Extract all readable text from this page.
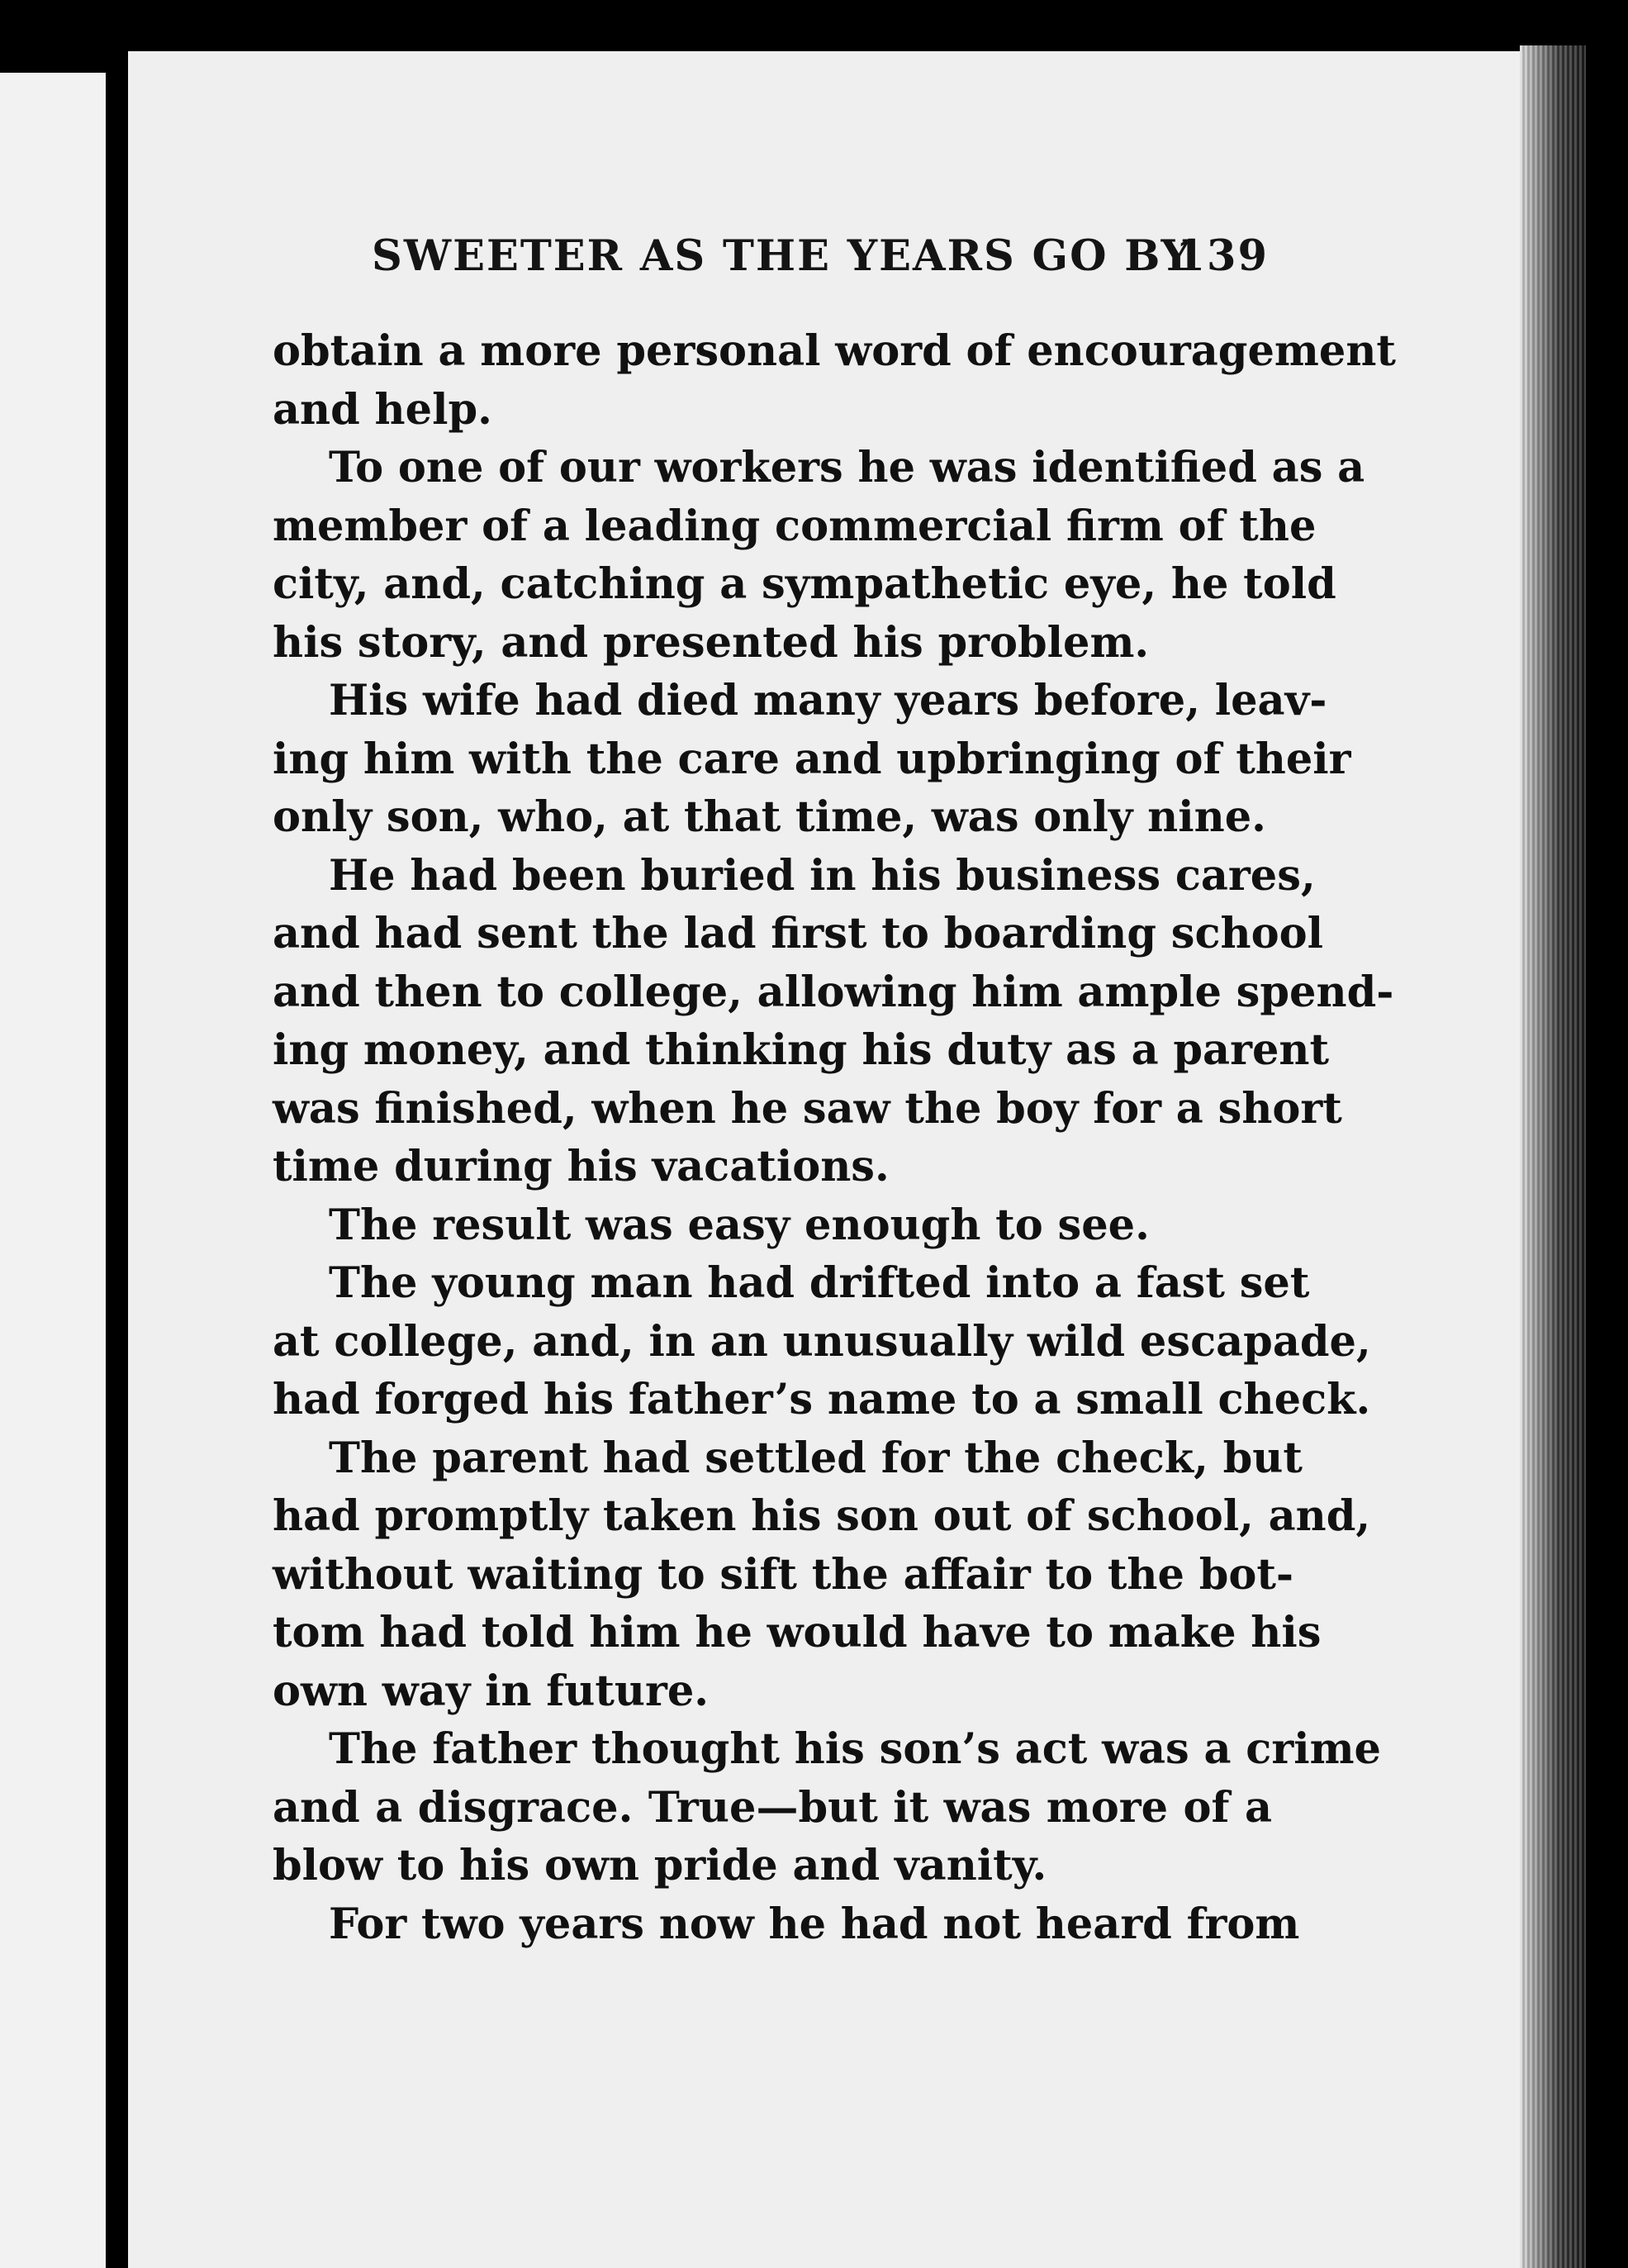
SWEETER AS THE YEARS GO BY
139
obtain a more personal word of encouragement
and help.
To one of our workers he was identified as a
member of a leading commercial firm of the
city, and, catching a sympathetic eye, he told
his story, and presented his problem.
His wife had died many years before, leav-
ing him with the care and upbringing of their
only son, who, at that time, was only nine.
He had been buried in his business cares,
and had sent the lad first to boarding school
and then to college, allowing him ample spend-
ing money, and thinking his duty as a parent
was finished, when he saw the boy for a short
time during his vacations.
The result was easy enough to see.
The young man had drifted into a fast set
at college, and, in an unusually wild escapade,
had forged his father’s name to a small check.
The parent had settled for the check, but
had promptly taken his son out of school, and,
without waiting to sift the affair to the bot-
tom had told him he would have to make his
own way in future.
The father thought his son’s act was a crime
and a disgrace. True—but it was more of a
blow to his own pride and vanity.
For two years now he had not heard from
